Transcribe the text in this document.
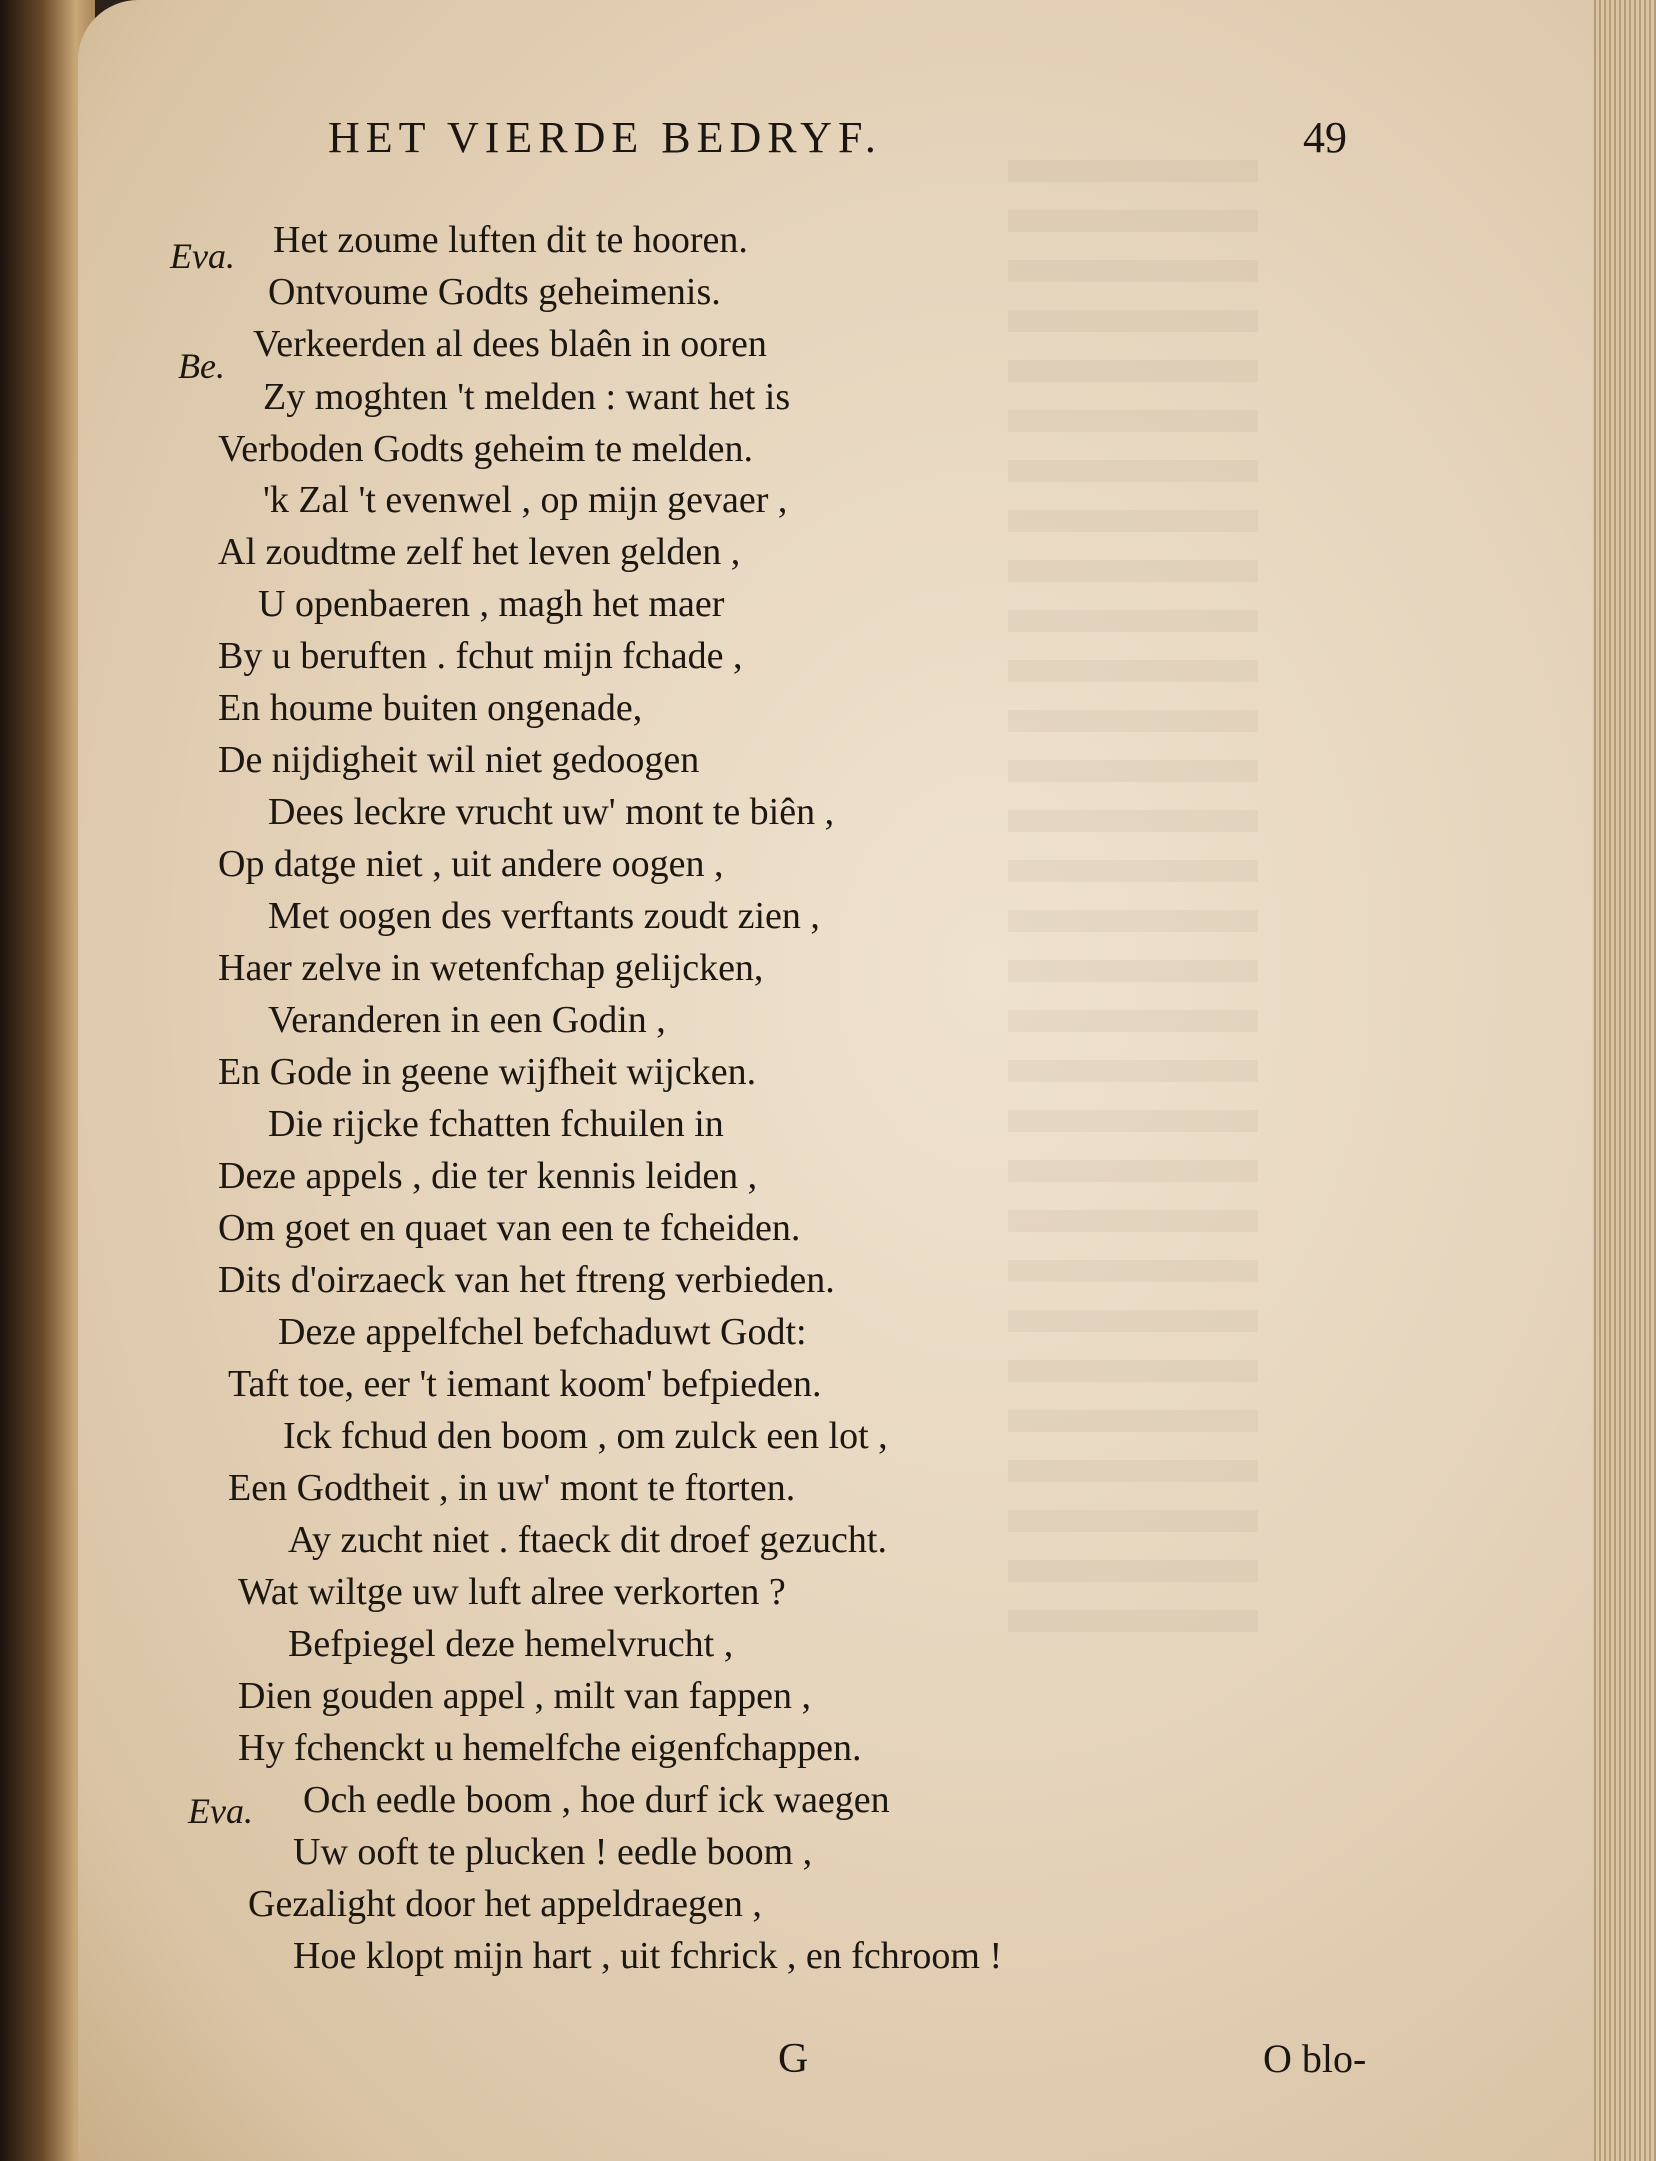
HET VIERDE BEDRYF.	49
Eva. Het zoume luften dit te hooren.
Ontvoume Godts geheimenis.
Be.
Verkeerden al dees blaên in ooren
Zy moghten 't melden : want het is
Verboden Godts geheim te melden.
'k Zal 't evenwel , op mijn gevaer ,
Al zoudtme zelf het leven gelden ,
U openbaeren , magh het maer
By u beruften . fchut mijn fchade ,
En houme buiten ongenade,
De nijdigheit wil niet gedoogen
Dees leckre vrucht uw' mont te biên ,
Op datge niet , uit andere oogen ,
Met oogen des verftants zoudt zien ,
Haer zelve in wetenfchap gelijcken,
Veranderen in een Godin ,
En Gode in geene wijfheit wijcken.
Die rijcke fchatten fchuilen in
Deze appels , die ter kennis leiden ,
Om goet en quaet van een te fcheiden.
Dits d'oirzaeck van het ftreng verbieden.
Deze appelfchel befchaduwt Godt:
Taft toe, eer 't iemant koom' befpieden.
Ick fchud den boom , om zulck een lot ,
Een Godtheit , in uw' mont te ftorten.
Ay zucht niet . ftaeck dit droef gezucht.
Wat wiltge uw luft alree verkorten ?
Befpiegel deze hemelvrucht ,
Dien gouden appel , milt van fappen ,
Hy fchenckt u hemelfche eigenfchappen.
Eva. Och eedle boom , hoe durf ick waegen
Uw ooft te plucken ! eedle boom ,
Gezalight door het appeldraegen ,
Hoe klopt mijn hart , uit fchrick , en fchroom !
G	O blo-
